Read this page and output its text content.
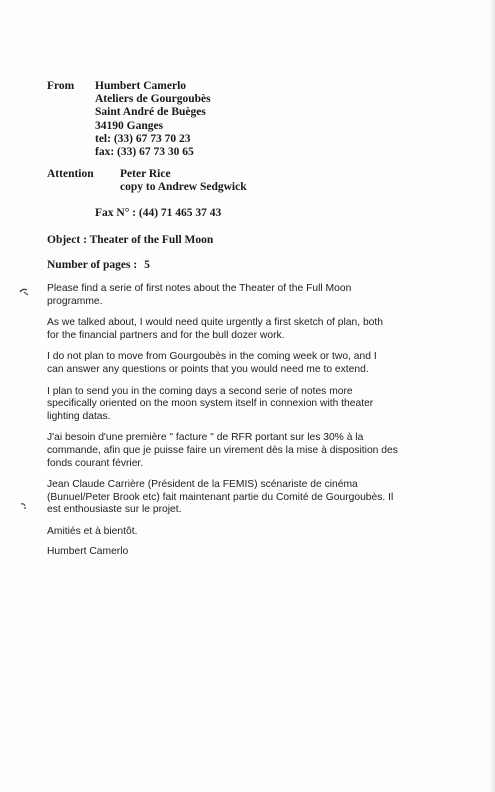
From Humbert Camerlo
Ateliers de Gourgoubès
Saint André de Buèges
34190 Ganges
tel: (33) 67 73 70 23
fax: (33) 67 73 30 65
Attention Peter Rice
copy to Andrew Sedgwick
Fax N° : (44) 71 465 37 43
Object : Theater of the Full Moon
Number of pages : 5
Please find a serie of first notes about the Theater of the Full Moon
programme.
As we talked about, I would need quite urgently a first sketch of plan, both
for the financial partners and for the bull dozer work.
I do not plan to move from Gourgoubès in the coming week or two, and I
can answer any questions or points that you would need me to extend.
I plan to send you in the coming days a second serie of notes more
specifically oriented on the moon system itself in connexion with theater
lighting datas.
J'ai besoin d'une première " facture " de RFR portant sur les 30% à la
commande, afin que je puisse faire un virement dès la mise à disposition des
fonds courant février.
Jean Claude Carrière (Président de la FEMIS) scénariste de cinéma
(Bunuel/Peter Brook etc) fait maintenant partie du Comité de Gourgoubès. Il
est enthousiaste sur le projet.
Amitiés et à bientôt.
Humbert Camerlo
